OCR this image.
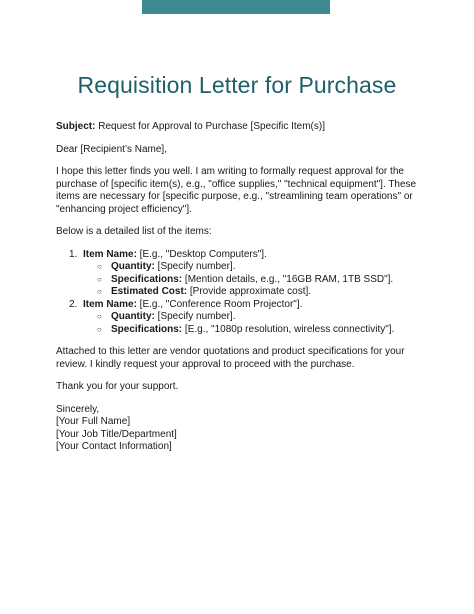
Requisition Letter for Purchase

Subject: Request for Approval to Purchase [Specific Item(s)]

Dear [Recipient’s Name],

I hope this letter finds you well. I am writing to formally request approval for the purchase of [specific item(s), e.g., "office supplies," "technical equipment"]. These items are necessary for [specific purpose, e.g., "streamlining team operations" or "enhancing project efficiency"].

Below is a detailed list of the items:

1. Item Name: [E.g., "Desktop Computers"].
○ Quantity: [Specify number].
○ Specifications: [Mention details, e.g., "16GB RAM, 1TB SSD"].
○ Estimated Cost: [Provide approximate cost].
2. Item Name: [E.g., "Conference Room Projector"].
○ Quantity: [Specify number].
○ Specifications: [E.g., "1080p resolution, wireless connectivity"].

Attached to this letter are vendor quotations and product specifications for your review. I kindly request your approval to proceed with the purchase.

Thank you for your support.

Sincerely,

[Your Full Name]

[Your Job Title/Department]

[Your Contact Information]
